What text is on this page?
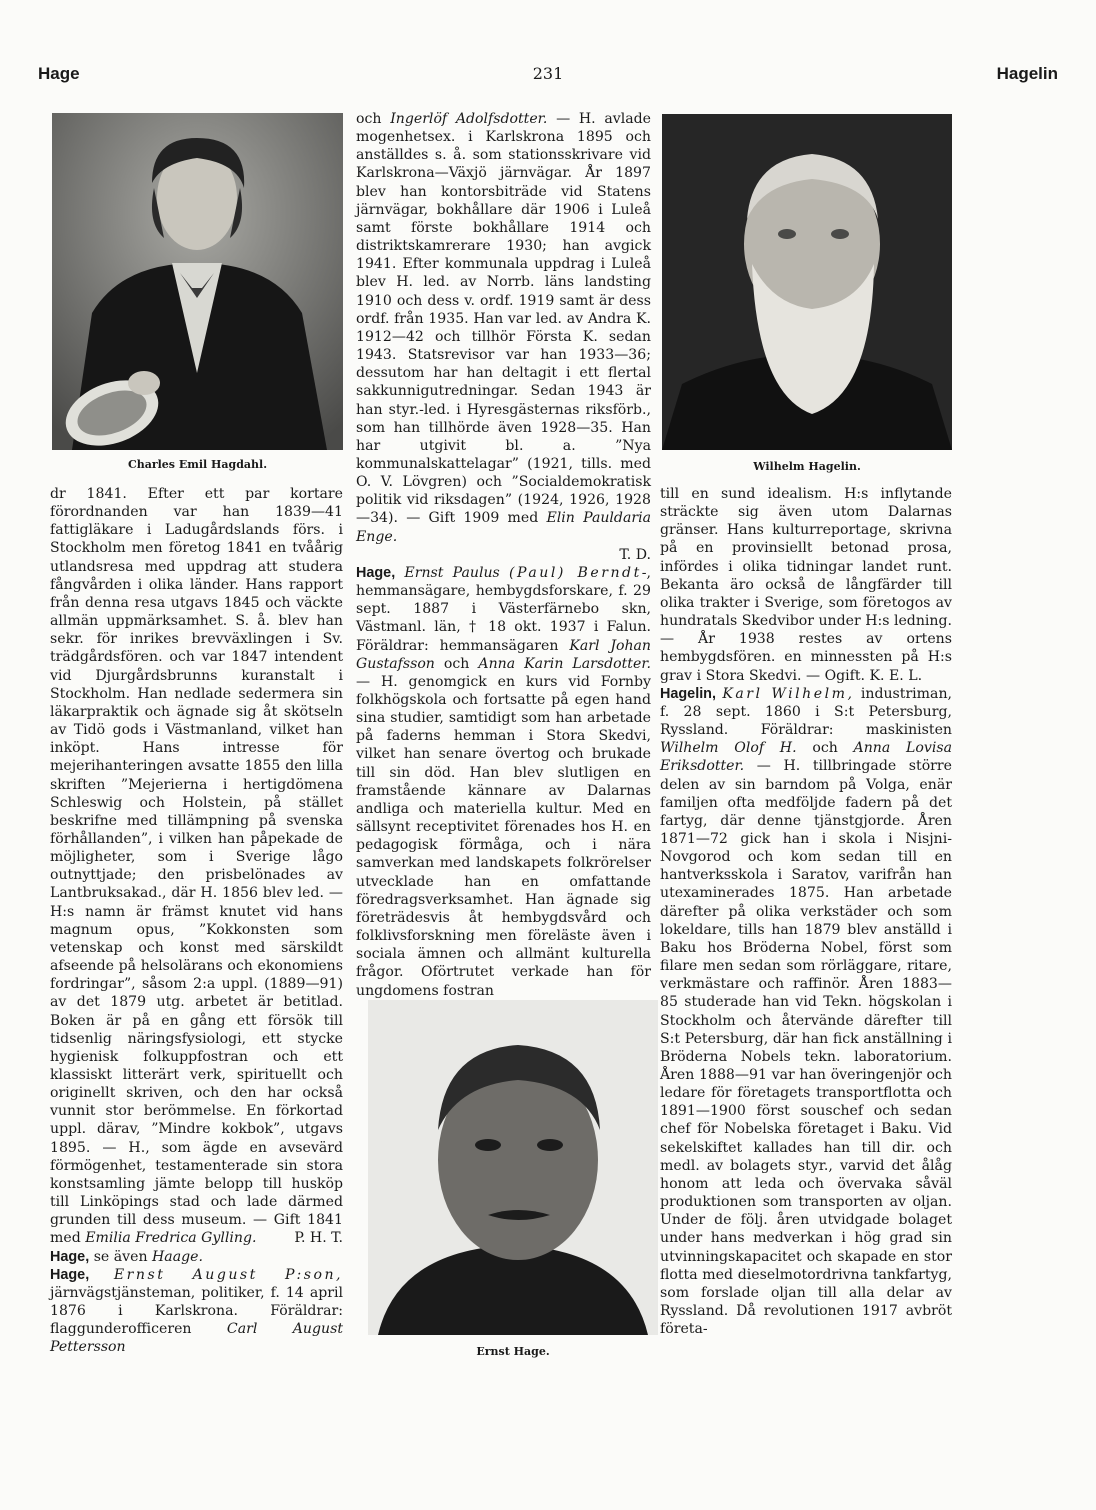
Hage	231	Hagelin
Charles Emil Hagdahl.	Wilhelm Hagelin.
Ernst Hage.

dr 1841. Efter ett par kortare förordnanden var han 1839—41 fattigläkare i Ladugårdslands förs. i Stockholm men företog 1841 en tvåårig utlandsresa med uppdrag att studera fångvården i olika länder. Hans rapport från denna resa utgavs 1845 och väckte allmän uppmärksamhet. S. å. blev han sekr. för inrikes brevväxlingen i Sv. trädgårdsfören. och var 1847 intendent vid Djurgårdsbrunns kuranstalt i Stockholm. Han nedlade sedermera sin läkarpraktik och ägnade sig åt skötseln av Tidö gods i Västmanland, vilket han inköpt. Hans intresse för mejerihanteringen avsatte 1855 den lilla skriften ”Mejerierna i hertigdömena Schleswig och Holstein, på stället beskrifne med tillämpning på svenska förhållanden”, i vilken han påpekade de möjligheter, som i Sverige lågo outnyttjade; den prisbelönades av Lantbruksakad., där H. 1856 blev led. — H:s namn är främst knutet vid hans magnum opus, ”Kokkonsten som vetenskap och konst med särskildt afseende på helsolärans och ekonomiens fordringar”, såsom 2:a uppl. (1889—91) av det 1879 utg. arbetet är betitlad. Boken är på en gång ett försök till tidsenlig näringsfysiologi, ett stycke hygienisk folkuppfostran och ett klassiskt litterärt verk, spirituellt och originellt skriven, och den har också vunnit stor berömmelse. En förkortad uppl. därav, ”Mindre kokbok”, utgavs 1895. — H., som ägde en avsevärd förmögenhet, testamenterade sin stora konstsamling jämte belopp till husköp till Linköpings stad och lade därmed grunden till dess museum. — Gift 1841 med Emilia Fredrica Gylling.	P. H. T.

Hage, se även Haage.

Hage, Ernst August P:son, järnvägstjänsteman, politiker, f. 14 april 1876 i Karlskrona. Föräldrar: flaggunderofficeren	Carl August Pettersson

och Ingerlöf Adolfsdotter. — H. avlade mogenhetsex. i Karlskrona 1895 och anställdes s. å. som stationsskrivare vid Karlskrona—Växjö järnvägar. År 1897 blev han kontorsbiträde vid Statens järnvägar, bokhållare där 1906 i Luleå samt förste bokhållare 1914 och distriktskamrerare 1930; han avgick 1941. Efter kommunala uppdrag i Luleå blev H. led. av Norrb. läns landsting 1910 och dess v. ordf. 1919 samt är dess ordf. från 1935. Han var led. av Andra K. 1912—42 och tillhör Första K. sedan 1943. Statsrevisor var han 1933—36; dessutom har han deltagit i ett flertal sakkunnigutredningar. Sedan 1943 är han styr.-led. i Hyresgästernas riksförb., som han tillhörde även 1928—35. Han har utgivit bl. a. ”Nya kommunalskattelagar” (1921, tills. med O. V. Lövgren) och ”Socialdemokratisk politik vid riksdagen” (1924, 1926, 1928—34). — Gift 1909 med Elin Pauldaria Enge.
T. D.

Hage, Ernst Paulus (Paul) Berndt-, hemmansägare, hembygdsforskare, f. 29 sept. 1887 i Västerfärnebo skn, Västmanl. län, † 18 okt. 1937 i Falun. Föräldrar: hemmansägaren Karl Johan Gustafsson och Anna Karin Larsdotter. — H. genomgick en kurs vid Fornby folkhögskola och fortsatte på egen hand sina studier, samtidigt som han arbetade på faderns hemman i Stora Skedvi, vilket han senare övertog och brukade till sin död. Han blev slutligen en framstående kännare av Dalarnas andliga och materiella kultur. Med en sällsynt receptivitet förenades hos H. en pedagogisk förmåga, och i nära samverkan med landskapets folkrörelser utvecklade han en omfattande föredragsverksamhet. Han ägnade sig företrädesvis åt hembygdsvård och folklivsforskning men föreläste även i sociala ämnen och allmänt kulturella frågor. Oförtrutet verkade han för ungdomens fostran

till en sund idealism. H:s inflytande sträckte sig även utom Dalarnas gränser. Hans kulturreportage, skrivna på en provinsiellt betonad prosa, infördes i olika tidningar landet runt. Bekanta äro också de långfärder till olika trakter i Sverige, som företogos av hundratals Skedvibor under H:s ledning. — År 1938 restes av ortens hembygdsfören. en minnessten på H:s grav i Stora Skedvi. — Ogift. K. E. L.

Hagelin, Karl Wilhelm, industriman, f. 28 sept. 1860 i S:t Petersburg, Ryssland. Föräldrar: maskinisten Wilhelm Olof H. och Anna Lovisa Eriksdotter. — H. tillbringade större delen av sin barndom på Volga, enär familjen ofta medföljde fadern på det fartyg, där denne tjänstgjorde. Åren 1871—72 gick han i skola i Nisjni-Novgorod och kom sedan till en hantverksskola i Saratov, varifrån han utexaminerades 1875. Han arbetade därefter på olika verkstäder och som lokeldare, tills han 1879 blev anställd i Baku hos Bröderna Nobel, först som filare men sedan som rörläggare, ritare, verkmästare och raffinör. Åren 1883—85 studerade han vid Tekn. högskolan i Stockholm och återvände därefter till S:t Petersburg, där han fick anställning i Bröderna Nobels tekn. laboratorium. Åren 1888—91 var han överingenjör och ledare för företagets transportflotta och 1891—1900 först souschef och sedan chef för Nobelska företaget i Baku. Vid sekelskiftet kallades han till dir. och medl. av bolagets styr., varvid det ålåg honom att leda och övervaka såväl produktionen som transporten av oljan. Under de följ. åren utvidgade bolaget under hans medverkan i hög grad sin utvinningskapacitet och skapade en stor flotta med dieselmotordrivna tankfartyg, som forslade oljan till alla delar av Ryssland. Då revolutionen 1917 avbröt företa-
